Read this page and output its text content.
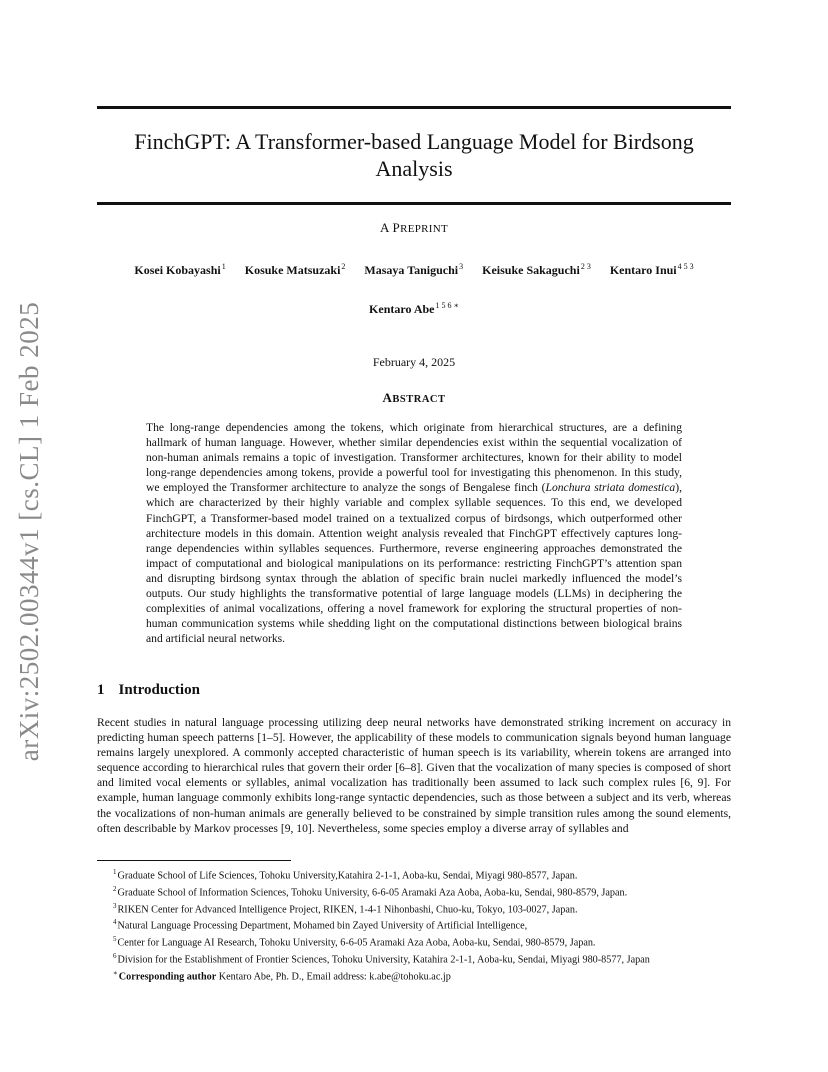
arXiv:2502.00344v1 [cs.CL] 1 Feb 2025
FinchGPT: A Transformer-based Language Model for Birdsong Analysis
A PREPRINT
Kosei Kobayashi$^1$ Kosuke Matsuzaki$^2$ Masaya Taniguchi$^3$ Keisuke Sakaguchi$^{2 3}$ Kentaro Inui$^{4 5 3}$
Kentaro Abe$^{1 5 6 ∗}$
February 4, 2025
ABSTRACT

The long-range dependencies among the tokens, which originate from hierarchical structures, are a defining hallmark of human language. However, whether similar dependencies exist within the sequential vocalization of non-human animals remains a topic of investigation. Transformer architectures, known for their ability to model long-range dependencies among tokens, provide a powerful tool for investigating this phenomenon. In this study, we employed the Transformer architecture to analyze the songs of Bengalese finch (Lonchura striata domestica), which are characterized by their highly variable and complex syllable sequences. To this end, we developed FinchGPT, a Transformer-based model trained on a textualized corpus of birdsongs, which outperformed other architecture models in this domain. Attention weight analysis revealed that FinchGPT effectively captures long-range dependencies within syllables sequences. Furthermore, reverse engineering approaches demonstrated the impact of computational and biological manipulations on its performance: restricting FinchGPT’s attention span and disrupting birdsong syntax through the ablation of specific brain nuclei markedly influenced the model’s outputs. Our study highlights the transformative potential of large language models (LLMs) in deciphering the complexities of animal vocalizations, offering a novel framework for exploring the structural properties of non-human communication systems while shedding light on the computational distinctions between biological brains and artificial neural networks.

1 Introduction

Recent studies in natural language processing utilizing deep neural networks have demonstrated striking increment on accuracy in predicting human speech patterns [1–5]. However, the applicability of these models to communication signals beyond human language remains largely unexplored. A commonly accepted characteristic of human speech is its variability, wherein tokens are arranged into sequence according to hierarchical rules that govern their order [6–8]. Given that the vocalization of many species is composed of short and limited vocal elements or syllables, animal vocalization has traditionally been assumed to lack such complex rules [6, 9]. For example, human language commonly exhibits long-range syntactic dependencies, such as those between a subject and its verb, whereas the vocalizations of non-human animals are generally believed to be constrained by simple transition rules among the sound elements, often describable by Markov processes [9, 10]. Nevertheless, some species employ a diverse array of syllables and

$^1$Graduate School of Life Sciences, Tohoku University,Katahira 2-1-1, Aoba-ku, Sendai, Miyagi 980-8577, Japan.
$^2$Graduate School of Information Sciences, Tohoku University, 6-6-05 Aramaki Aza Aoba, Aoba-ku, Sendai, 980-8579, Japan.
$^3$RIKEN Center for Advanced Intelligence Project, RIKEN, 1-4-1 Nihonbashi, Chuo-ku, Tokyo, 103-0027, Japan.
$^4$Natural Language Processing Department, Mohamed bin Zayed University of Artificial Intelligence,
$^5$Center for Language AI Research, Tohoku University, 6-6-05 Aramaki Aza Aoba, Aoba-ku, Sendai, 980-8579, Japan.
$^6$Division for the Establishment of Frontier Sciences, Tohoku University, Katahira 2-1-1, Aoba-ku, Sendai, Miyagi 980-8577, Japan
∗Corresponding author Kentaro Abe, Ph. D., Email address: k.abe@tohoku.ac.jp
